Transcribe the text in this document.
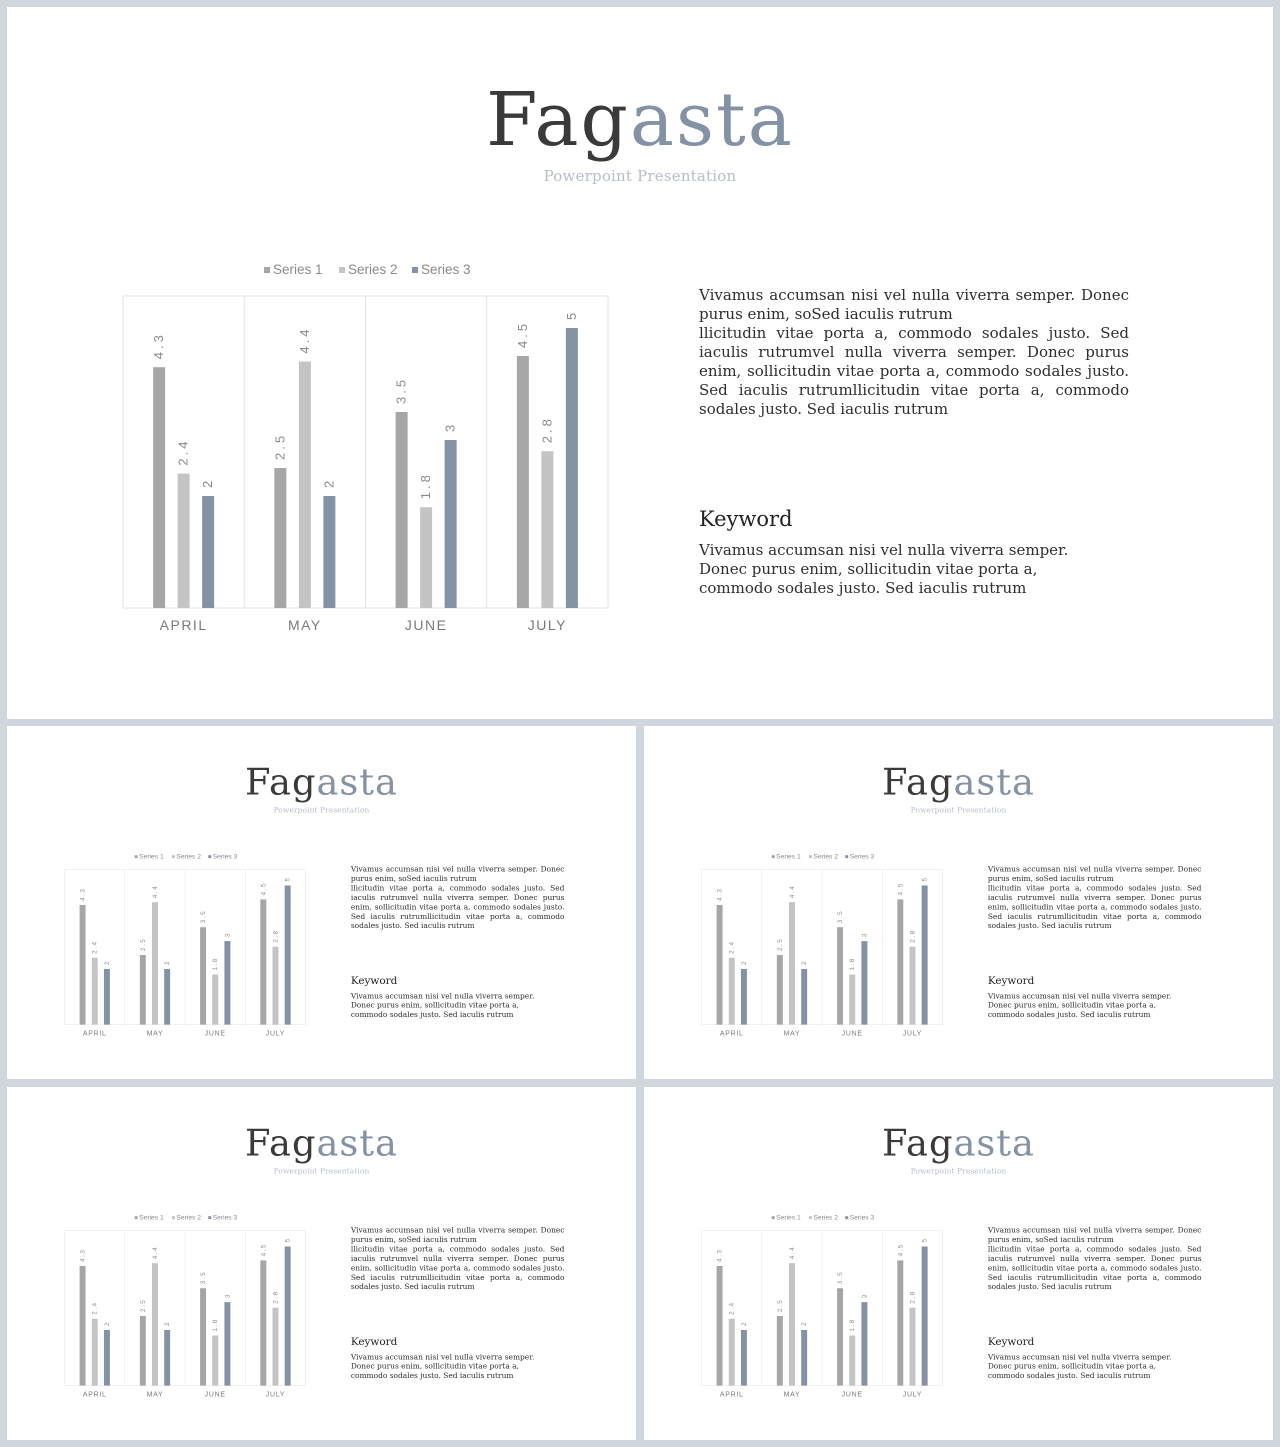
Fagasta
Powerpoint Presentation
4.3
2.4
2
APRIL
2.5
4.4
2
MAY
3.5
1.8
3
JUNE
4.5
2.8
5
JULY
Series 1 Series 2 Series 3
Vivamus accumsan nisi vel nulla viverra semper. Donec purus enim, soSed iaculis rutrum
llicitudin vitae porta a, commodo sodales justo. Sed iaculis rutrumvel nulla viverra semper. Donec purus enim, sollicitudin vitae porta a, commodo sodales justo. Sed iaculis rutrumllicitudin vitae porta a, commodo sodales justo. Sed iaculis rutrum
Keyword
Vivamus accumsan nisi vel nulla viverra semper.
Donec purus enim, sollicitudin vitae porta a,
commodo sodales justo. Sed iaculis rutrum
Fagasta
Powerpoint Presentation
4.3
2.4
2
APRIL
2.5
4.4
2
MAY
3.5
1.8
3
JUNE
4.5
2.8
5
JULY
Series 1 Series 2 Series 3
Vivamus accumsan nisi vel nulla viverra semper. Donec purus enim, soSed iaculis rutrum
llicitudin vitae porta a, commodo sodales justo. Sed iaculis rutrumvel nulla viverra semper. Donec purus enim, sollicitudin vitae porta a, commodo sodales justo. Sed iaculis rutrumllicitudin vitae porta a, commodo sodales justo. Sed iaculis rutrum
Keyword
Vivamus accumsan nisi vel nulla viverra semper.
Donec purus enim, sollicitudin vitae porta a,
commodo sodales justo. Sed iaculis rutrum
Fagasta
Powerpoint Presentation
4.3
2.4
2
APRIL
2.5
4.4
2
MAY
3.5
1.8
3
JUNE
4.5
2.8
5
JULY
Series 1 Series 2 Series 3
Vivamus accumsan nisi vel nulla viverra semper. Donec purus enim, soSed iaculis rutrum
llicitudin vitae porta a, commodo sodales justo. Sed iaculis rutrumvel nulla viverra semper. Donec purus enim, sollicitudin vitae porta a, commodo sodales justo. Sed iaculis rutrumllicitudin vitae porta a, commodo sodales justo. Sed iaculis rutrum
Keyword
Vivamus accumsan nisi vel nulla viverra semper.
Donec purus enim, sollicitudin vitae porta a,
commodo sodales justo. Sed iaculis rutrum
Fagasta
Powerpoint Presentation
4.3
2.4
2
APRIL
2.5
4.4
2
MAY
3.5
1.8
3
JUNE
4.5
2.8
5
JULY
Series 1 Series 2 Series 3
Vivamus accumsan nisi vel nulla viverra semper. Donec purus enim, soSed iaculis rutrum
llicitudin vitae porta a, commodo sodales justo. Sed iaculis rutrumvel nulla viverra semper. Donec purus enim, sollicitudin vitae porta a, commodo sodales justo. Sed iaculis rutrumllicitudin vitae porta a, commodo sodales justo. Sed iaculis rutrum
Keyword
Vivamus accumsan nisi vel nulla viverra semper.
Donec purus enim, sollicitudin vitae porta a,
commodo sodales justo. Sed iaculis rutrum
Fagasta
Powerpoint Presentation
4.3
2.4
2
APRIL
2.5
4.4
2
MAY
3.5
1.8
3
JUNE
4.5
2.8
5
JULY
Series 1 Series 2 Series 3
Vivamus accumsan nisi vel nulla viverra semper. Donec purus enim, soSed iaculis rutrum
llicitudin vitae porta a, commodo sodales justo. Sed iaculis rutrumvel nulla viverra semper. Donec purus enim, sollicitudin vitae porta a, commodo sodales justo. Sed iaculis rutrumllicitudin vitae porta a, commodo sodales justo. Sed iaculis rutrum
Keyword
Vivamus accumsan nisi vel nulla viverra semper.
Donec purus enim, sollicitudin vitae porta a,
commodo sodales justo. Sed iaculis rutrum
